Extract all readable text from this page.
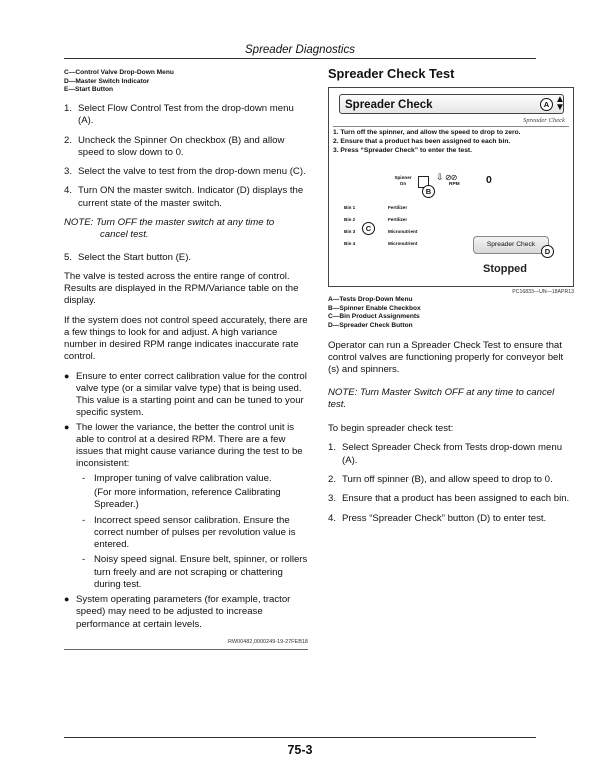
Spreader Diagnostics
C—Control Valve Drop-Down Menu
D—Master Switch Indicator
E—Start Button
1. Select Flow Control Test from the drop-down menu (A).
2. Uncheck the Spinner On checkbox (B) and allow speed to slow down to 0.
3. Select the valve to test from the drop-down menu (C).
4. Turn ON the master switch. Indicator (D) displays the current state of the master switch.
NOTE: Turn OFF the master switch at any time to
cancel test.
5. Select the Start button (E).

The valve is tested across the entire range of control. Results are displayed in the RPM/Variance table on the display.

If the system does not control speed accurately, there are a few things to look for and adjust. A high variance number in desired RPM range indicates inaccurate rate control.

● Ensure to enter correct calibration value for the control valve type (or a similar valve type) that is being used. This value is a starting point and can be tuned to your specific system.
● The lower the variance, the better the control unit is able to control at a desired RPM. There are a few issues that might cause variance during the test to be inconsistent:
- Improper tuning of valve calibration value.
(For more information, reference Calibrating Spreader.)
- Incorrect speed sensor calibration. Ensure the correct number of pulses per revolution value is entered.
- Noisy speed signal. Ensure belt, spinner, or rollers turn freely and are not scraping or chattering during test.
● System operating parameters (for example, tractor speed) may need to be adjusted to increase performance at certain levels.
RW00482,0000249-19-27FEB18
Spreader Check Test
Spreader Check	A ▲
▼
Spreader Check
1. Turn off the spinner, and allow the speed to drop to zero.
2. Ensure that a product has been assigned to each bin.
3. Press “Spreader Check” to enter the test.
Spinner On
B
⇩ ⊘⊘
RPM	0
Bin 1	Fertilizer
Bin 2	Fertilizer
Bin 3	Micronutrient
Bin 4	Micronutrient
C
Spreader Check
D
Stopped
PC16833—UN—18APR13
A—Tests Drop-Down Menu
B—Spinner Enable Checkbox
C—Bin Product Assignments
D—Spreader Check Button

Operator can run a Spreader Check Test to ensure that control valves are functioning properly for conveyor belt (s) and spinners.

NOTE: Turn Master Switch OFF at any time to cancel test.

To begin spreader check test:

1. Select Spreader Check from Tests drop-down menu (A).
2. Turn off spinner (B), and allow speed to drop to 0.
3. Ensure that a product has been assigned to each bin.
4. Press “Spreader Check” button (D) to enter test.
75-3
